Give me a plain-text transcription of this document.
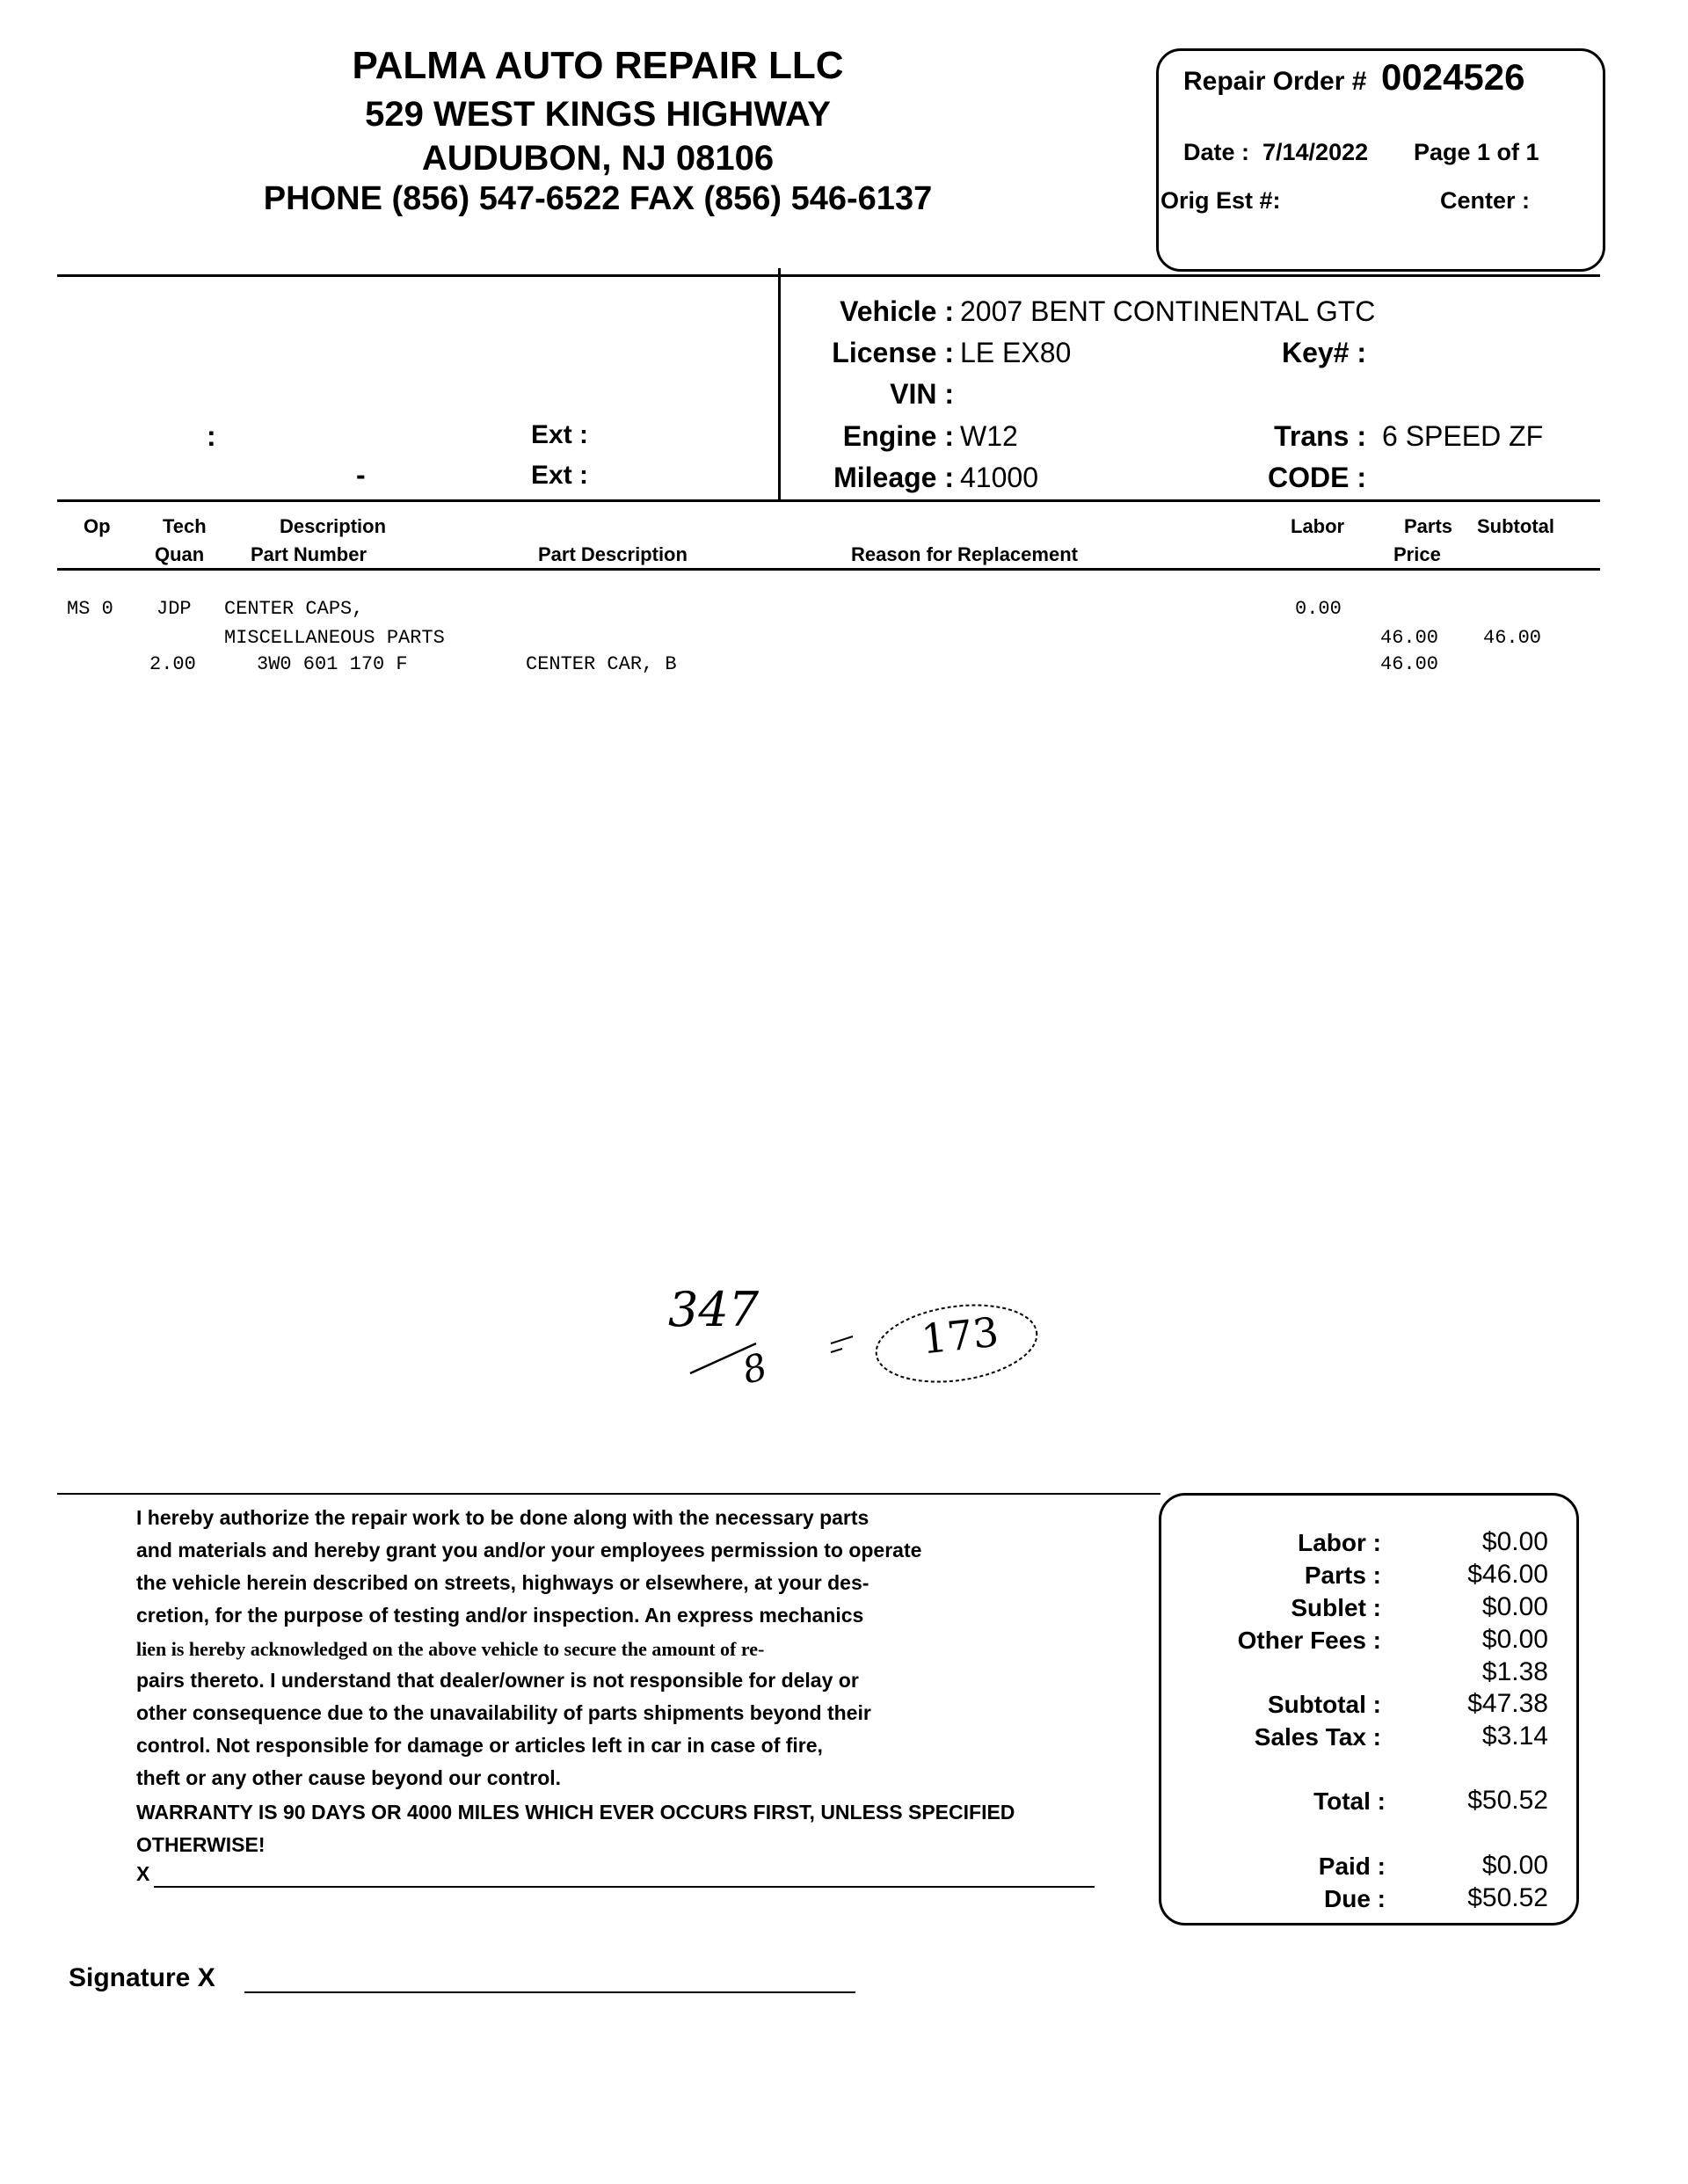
PALMA AUTO REPAIR LLC
529 WEST KINGS HIGHWAY
AUDUBON, NJ 08106
PHONE (856) 547-6522 FAX (856) 546-6137
Repair Order # 0024526
Date : 7/14/2022 Page 1 of 1
Orig Est #:	Center :
:
-
Ext :
Ext :
Vehicle : 2007 BENT CONTINENTAL GTC
License : LE EX80	Key# :
VIN :
Engine : W12	Trans : 6 SPEED ZF
Mileage : 41000	CODE :
Op	Tech	Description	Labor	Parts Subtotal
Quan Part Number	Part Description	Reason for Replacement	Price
MS 0 JDP CENTER CAPS,	0.00
MISCELLANEOUS PARTS	46.00 46.00
2.00	3W0 601 170 F	CENTER CAR, B	46.00
347
8
173
I hereby authorize the repair work to be done along with the necessary parts
and materials and hereby grant you and/or your employees permission to operate
the vehicle herein described on streets, highways or elsewhere, at your des-
cretion, for the purpose of testing and/or inspection. An express mechanics
lien is hereby acknowledged on the above vehicle to secure the amount of re-
pairs thereto. I understand that dealer/owner is not responsible for delay or
other consequence due to the unavailability of parts shipments beyond their
control. Not responsible for damage or articles left in car in case of fire,
theft or any other cause beyond our control.
WARRANTY IS 90 DAYS OR 4000 MILES WHICH EVER OCCURS FIRST, UNLESS SPECIFIED
OTHERWISE!
X
Signature X
Labor :	$0.00
Parts :	$46.00
Sublet :	$0.00
Other Fees :	$0.00
$1.38
Subtotal :	$47.38
Sales Tax :	$3.14
Total :	$50.52
Paid :	$0.00
Due :	$50.52
